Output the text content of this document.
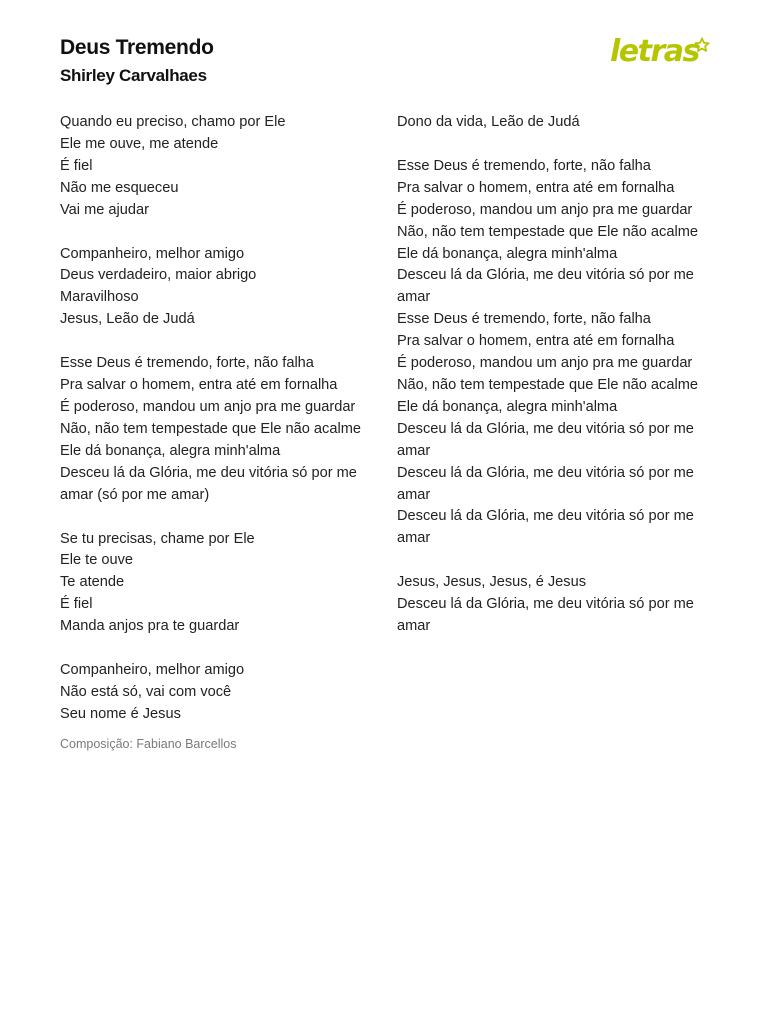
Deus Tremendo
Shirley Carvalhaes
letras
Quando eu preciso, chamo por Ele
Ele me ouve, me atende
É fiel
Não me esqueceu
Vai me ajudar
Companheiro, melhor amigo
Deus verdadeiro, maior abrigo
Maravilhoso
Jesus, Leão de Judá
Esse Deus é tremendo, forte, não falha
Pra salvar o homem, entra até em fornalha
É poderoso, mandou um anjo pra me guardar
Não, não tem tempestade que Ele não acalme
Ele dá bonança, alegra minh'alma
Desceu lá da Glória, me deu vitória só por me amar (só por me amar)
Se tu precisas, chame por Ele
Ele te ouve
Te atende
É fiel
Manda anjos pra te guardar
Companheiro, melhor amigo
Não está só, vai com você
Seu nome é Jesus
Composição: Fabiano Barcellos
Dono da vida, Leão de Judá
Esse Deus é tremendo, forte, não falha
Pra salvar o homem, entra até em fornalha
É poderoso, mandou um anjo pra me guardar
Não, não tem tempestade que Ele não acalme
Ele dá bonança, alegra minh'alma
Desceu lá da Glória, me deu vitória só por me amar
Esse Deus é tremendo, forte, não falha
Pra salvar o homem, entra até em fornalha
É poderoso, mandou um anjo pra me guardar
Não, não tem tempestade que Ele não acalme
Ele dá bonança, alegra minh'alma
Desceu lá da Glória, me deu vitória só por me amar
Desceu lá da Glória, me deu vitória só por me amar
Desceu lá da Glória, me deu vitória só por me amar
Jesus, Jesus, Jesus, é Jesus
Desceu lá da Glória, me deu vitória só por me amar
